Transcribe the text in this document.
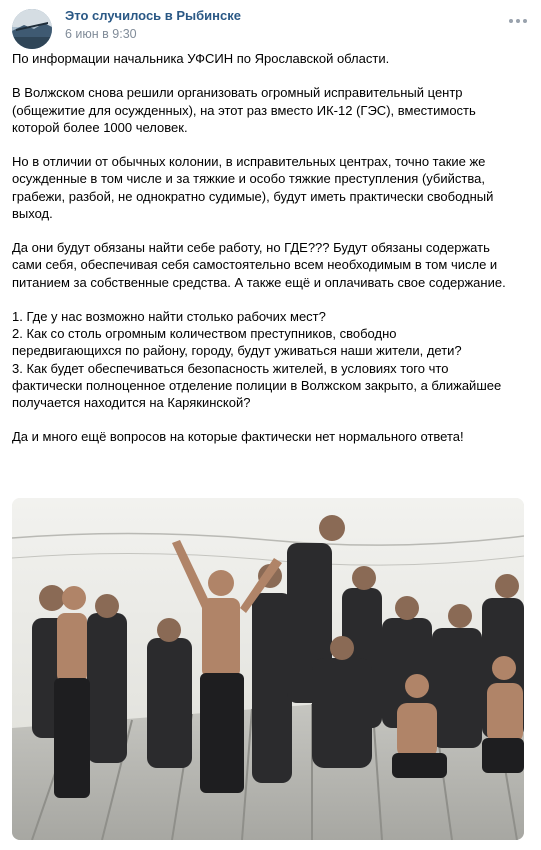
Это случилось в Рыбинске
6 июн в 9:30
По информации начальника УФСИН по Ярославской области.
В Волжском снова решили организовать огромный исправительный центр
(общежитие для осужденных), на этот раз вместо ИК-12 (ГЭС), вместимость
которой более 1000 человек.
Но в отличии от обычных колонии, в исправительных центрах, точно такие же
осужденные в том числе и за тяжкие и особо тяжкие преступления (убийства,
грабежи, разбой, не однократно судимые), будут иметь практически свободный
выход.
Да они будут обязаны найти себе работу, но ГДЕ??? Будут обязаны содержать
сами себя, обеспечивая себя самостоятельно всем необходимым в том числе и
питанием за собственные средства. А также ещё и оплачивать свое содержание.
1. Где у нас возможно найти столько рабочих мест?
2. Как со столь огромным количеством преступников, свободно
передвигающихся по району, городу, будут уживаться наши жители, дети?
3. Как будет обеспечиваться безопасность жителей, в условиях того что
фактически полноценное отделение полиции в Волжском закрыто, а ближайшее
получается находится на Карякинской?
Да и много ещё вопросов на которые фактически нет нормального ответа!
